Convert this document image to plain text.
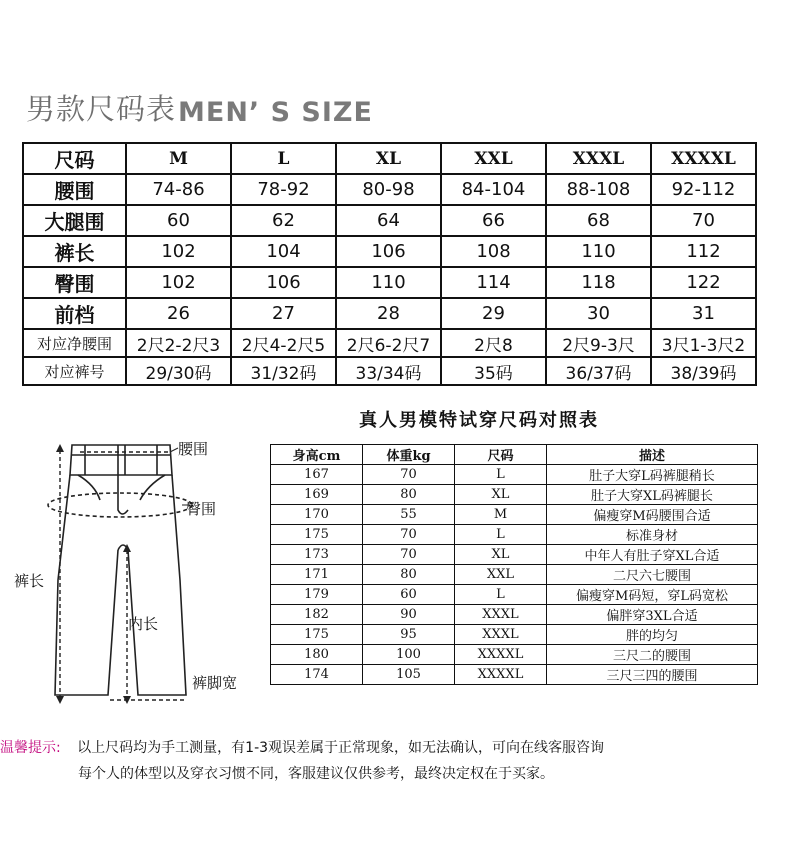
男款尺码表 MEN’ S SIZE
尺码	M	L	XL	XXL	XXXL	XXXXL
腰围	74-86	78-92	80-98	84-104	88-108	92-112
大腿围	60	62	64	66	68	70
裤长	102	104	106	108	110	112
臀围	102	106	110	114	118	122
前档	26	27	28	29	30	31
对应净腰围	2尺2-2尺3	2尺4-2尺5	2尺6-2尺7	2尺8	2尺9-3尺	3尺1-3尺2
对应裤号	29/30码	31/32码	33/34码	35码	36/37码	38/39码
真人男模特试穿尺码对照表
身高cm	体重kg	尺码	描述
167	70	L	肚子大穿L码裤腿稍长
169	80	XL	肚子大穿XL码裤腿长
170	55	M	偏瘦穿M码腰围合适
175	70	L	标准身材
173	70	XL	中年人有肚子穿XL合适
171	80	XXL	二尺六七腰围
179	60	L	偏瘦穿M码短，穿L码宽松
182	90	XXXL	偏胖穿3XL合适
175	95	XXXL	胖的均匀
180	100	XXXXL	三尺二的腰围
174	105	XXXXL	三尺三四的腰围
腰围
臀围
裤长
内长
裤脚宽
温馨提示: 以上尺码均为手工测量，有1-3观误差属于正常现象，如无法确认，可向在线客服咨询
每个人的体型以及穿衣习惯不同，客服建议仅供参考，最终决定权在于买家。
